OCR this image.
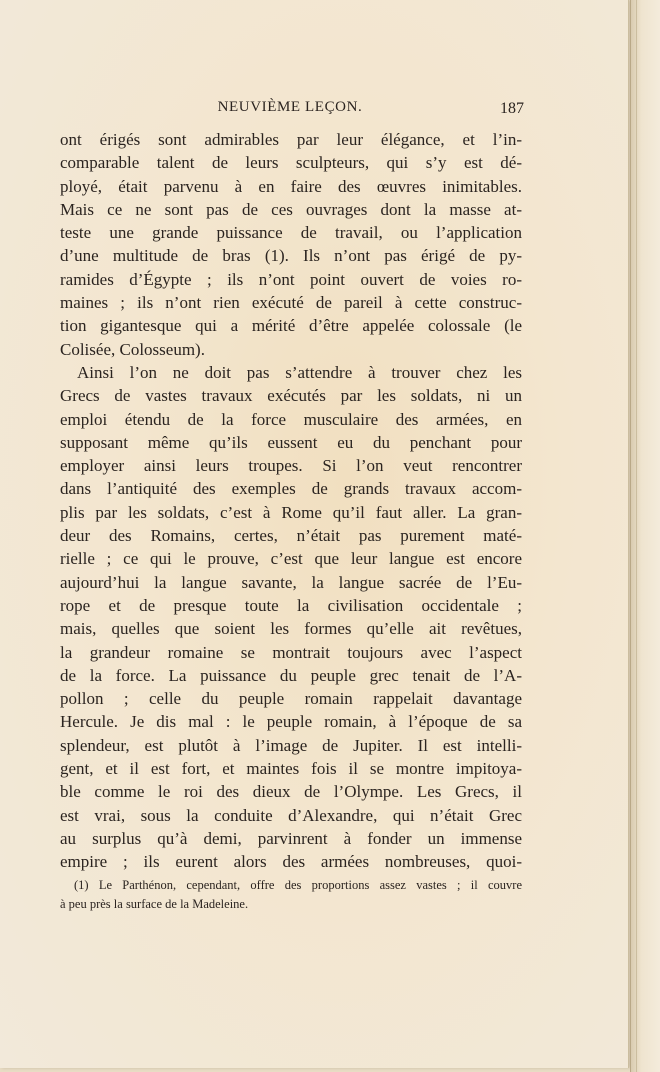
NEUVIÈME LEÇON.	187
ont érigés sont admirables par leur élégance, et l’in-
comparable talent de leurs sculpteurs, qui s’y est dé-
ployé, était parvenu à en faire des œuvres inimitables.
Mais ce ne sont pas de ces ouvrages dont la masse at-
teste une grande puissance de travail, ou l’application
d’une multitude de bras (1). Ils n’ont pas érigé de py-
ramides d’Égypte ; ils n’ont point ouvert de voies ro-
maines ; ils n’ont rien exécuté de pareil à cette construc-
tion gigantesque qui a mérité d’être appelée colossale (le
Colisée, Colosseum).
Ainsi l’on ne doit pas s’attendre à trouver chez les
Grecs de vastes travaux exécutés par les soldats, ni un
emploi étendu de la force musculaire des armées, en
supposant même qu’ils eussent eu du penchant pour
employer ainsi leurs troupes. Si l’on veut rencontrer
dans l’antiquité des exemples de grands travaux accom-
plis par les soldats, c’est à Rome qu’il faut aller. La gran-
deur des Romains, certes, n’était pas purement maté-
rielle ; ce qui le prouve, c’est que leur langue est encore
aujourd’hui la langue savante, la langue sacrée de l’Eu-
rope et de presque toute la civilisation occidentale ;
mais, quelles que soient les formes qu’elle ait revêtues,
la grandeur romaine se montrait toujours avec l’aspect
de la force. La puissance du peuple grec tenait de l’A-
pollon ; celle du peuple romain rappelait davantage
Hercule. Je dis mal : le peuple romain, à l’époque de sa
splendeur, est plutôt à l’image de Jupiter. Il est intelli-
gent, et il est fort, et maintes fois il se montre impitoya-
ble comme le roi des dieux de l’Olympe. Les Grecs, il
est vrai, sous la conduite d’Alexandre, qui n’était Grec
au surplus qu’à demi, parvinrent à fonder un immense
empire ; ils eurent alors des armées nombreuses, quoi-
(1) Le Parthénon, cependant, offre des proportions assez vastes ; il couvre
à peu près la surface de la Madeleine.
